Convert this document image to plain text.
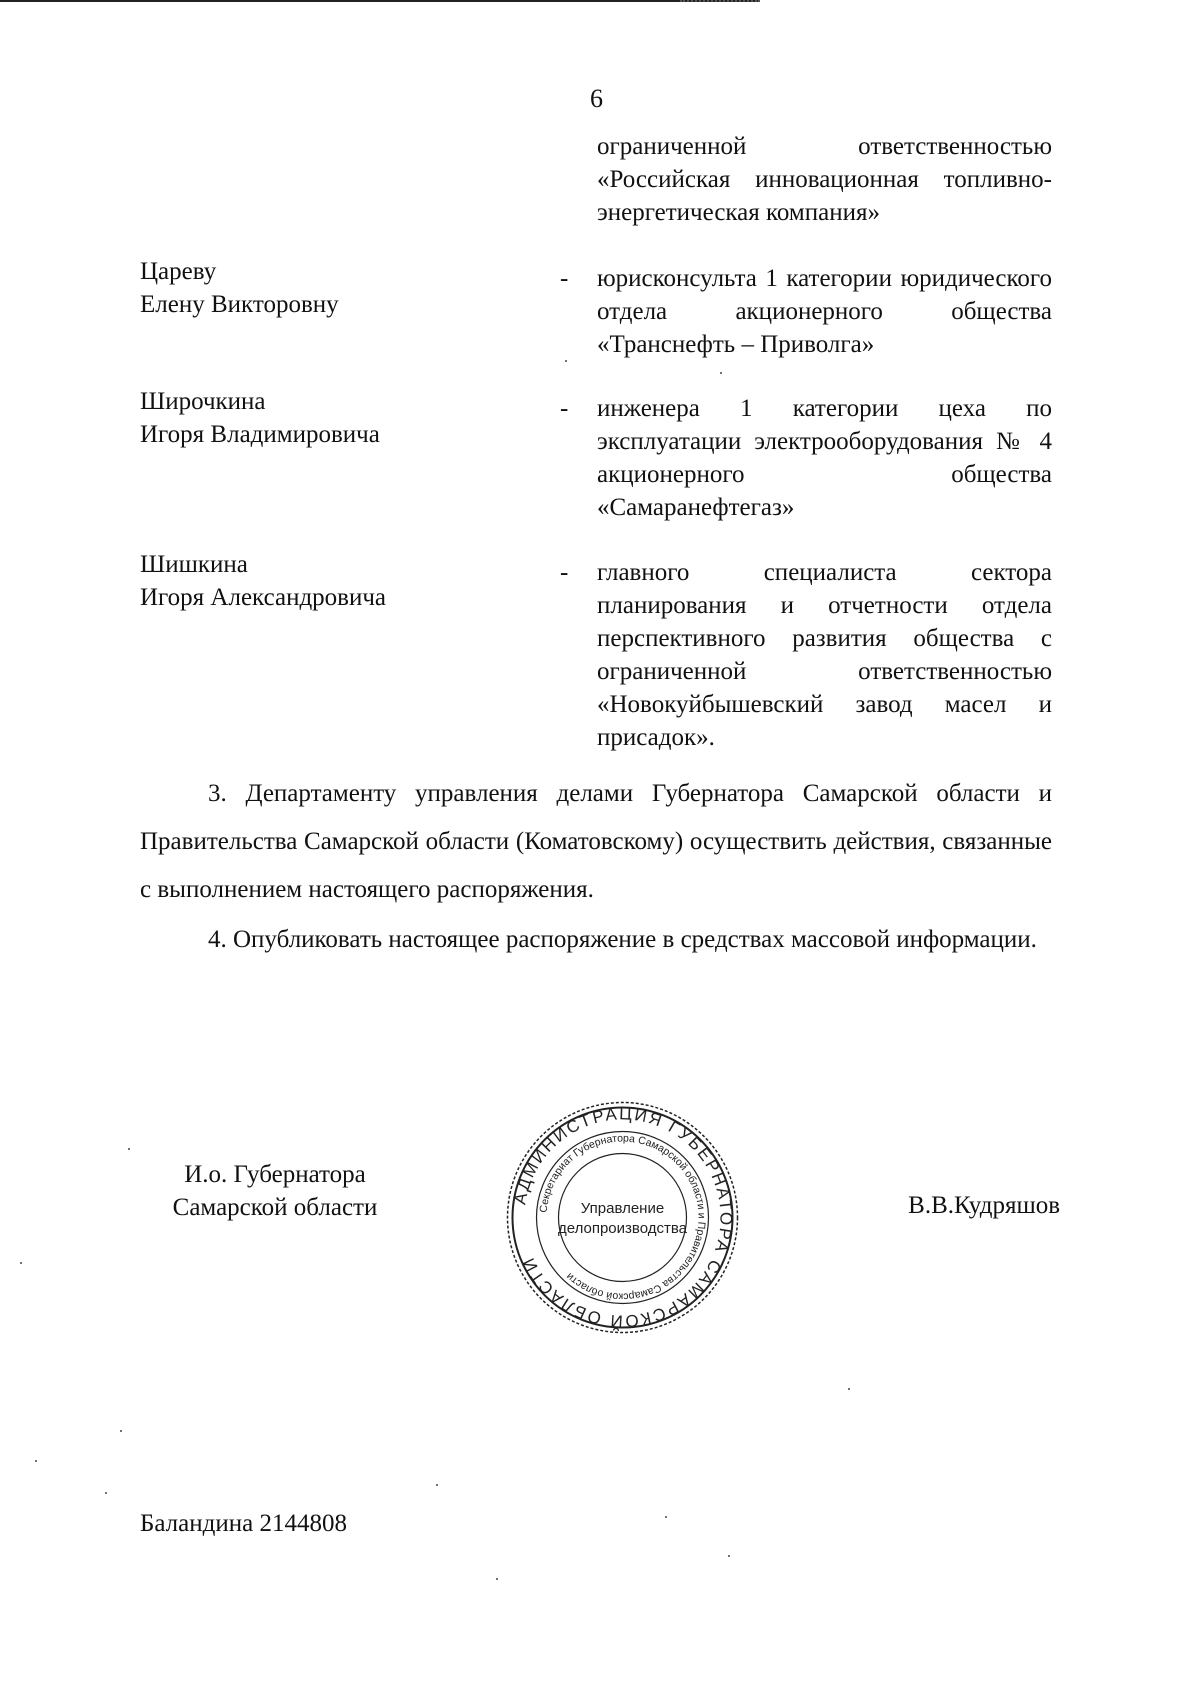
6
ограниченной ответственностью «Российская инновационная топливно-энергетическая компания»
Цареву
Елену Викторовну
- юрисконсульта 1 категории юридического отдела акционерного общества «Транснефть – Приволга»
Широчкина
Игоря Владимировича
- инженера 1 категории цеха по эксплуатации электрооборудования № 4 акционерного общества «Самаранефтегаз»
Шишкина
Игоря Александровича
- главного специалиста сектора планирования и отчетности отдела перспективного развития общества с ограниченной ответственностью «Новокуйбышевский завод масел и присадок».
3. Департаменту управления делами Губернатора Самарской области и Правительства Самарской области (Коматовскому) осуществить действия, связанные с выполнением настоящего распоряжения.
4. Опубликовать настоящее распоряжение в средствах массовой информации.
И.о. Губернатора
Самарской области	В.В.Кудряшов
АДМИНИСТРАЦИЯ ГУБЕРНАТОРА САМАРСКОЙ ОБЛАСТИ
Секретариат Губернатора Самарской области и Правительства Самарской области
Управление
делопроизводства
Баландина 2144808
